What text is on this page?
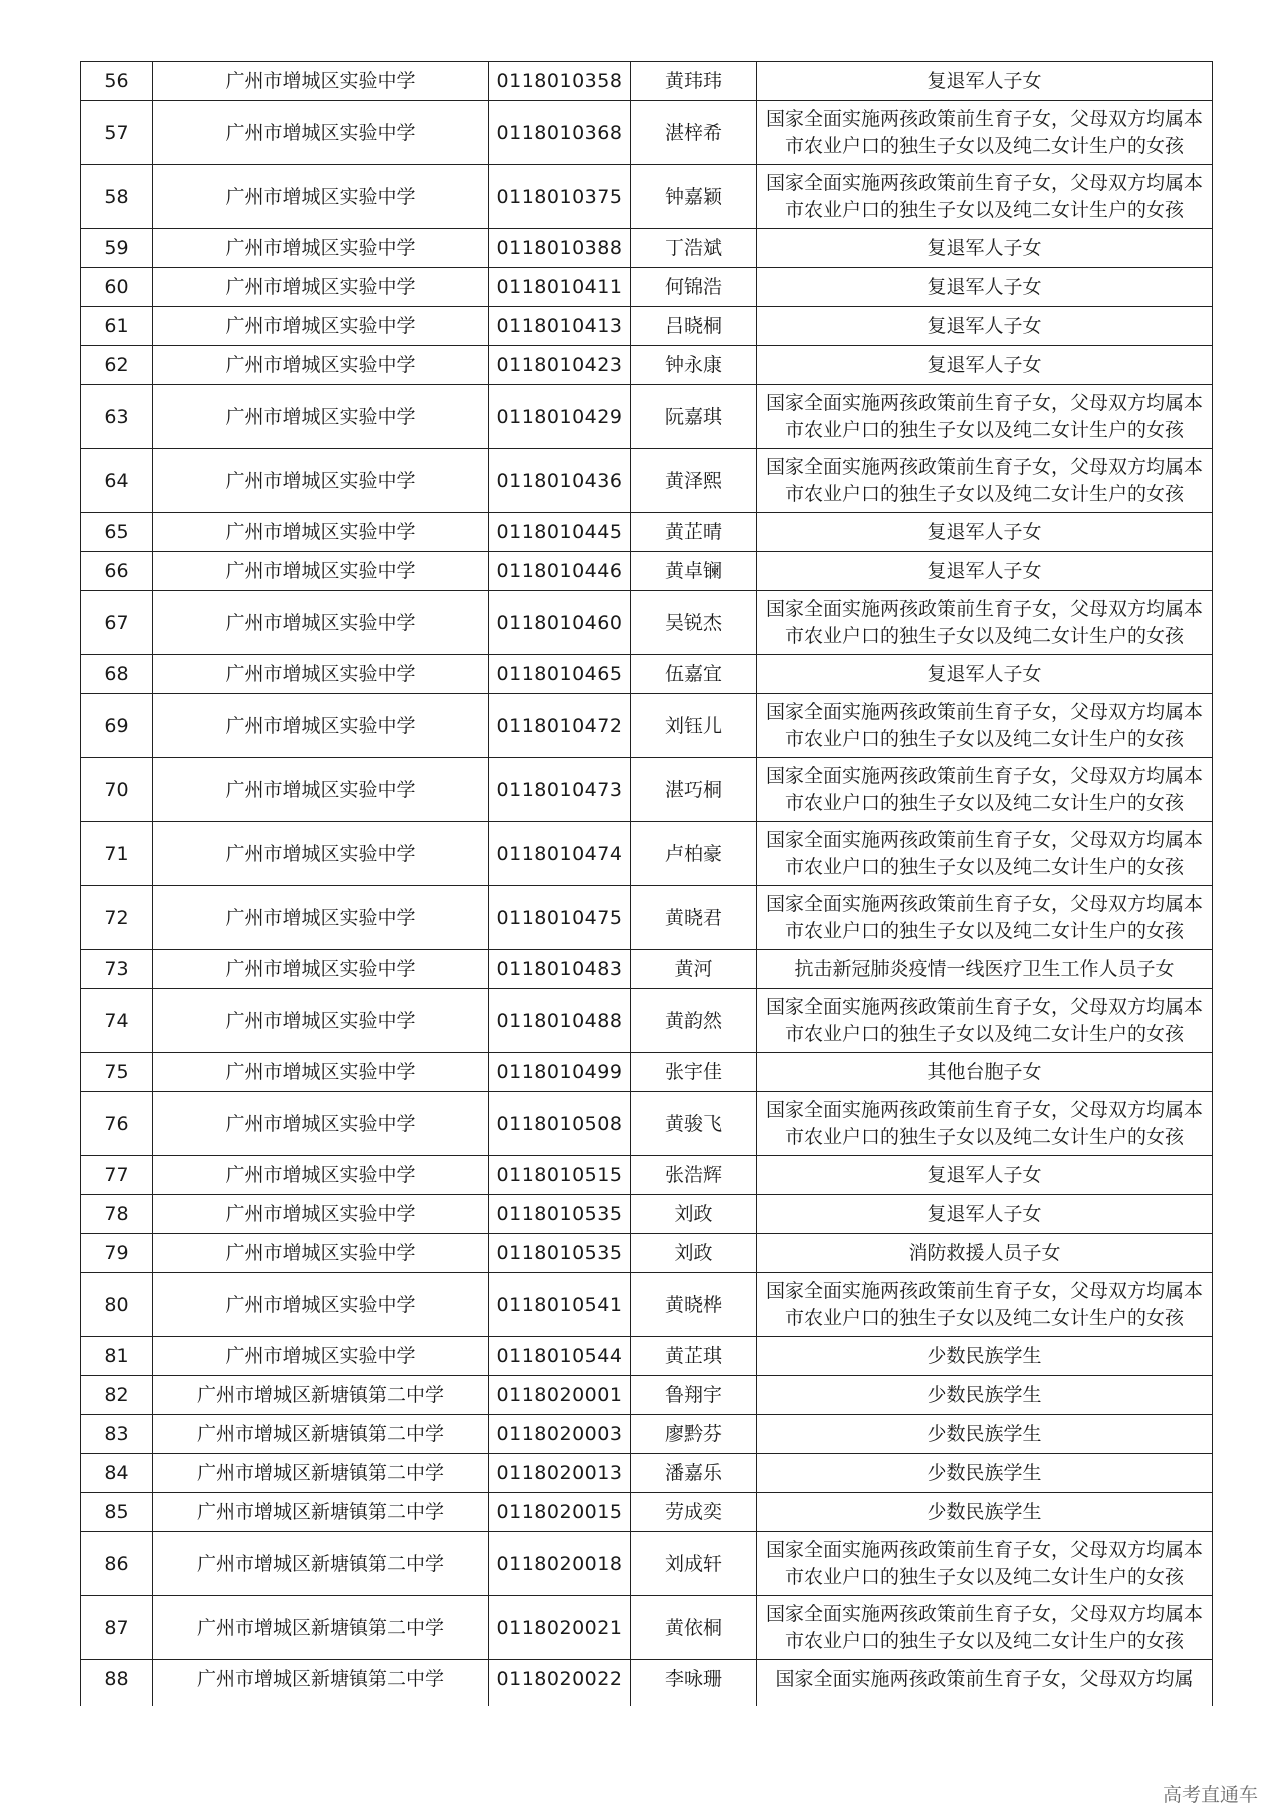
56	广州市增城区实验中学	0118010358	黄玮玮	复退军人子女
57	广州市增城区实验中学	0118010368	湛梓希	国家全面实施两孩政策前生育子女，父母双方均属本市农业户口的独生子女以及纯二女计生户的女孩
58	广州市增城区实验中学	0118010375	钟嘉颖	国家全面实施两孩政策前生育子女，父母双方均属本市农业户口的独生子女以及纯二女计生户的女孩
59	广州市增城区实验中学	0118010388	丁浩斌	复退军人子女
60	广州市增城区实验中学	0118010411	何锦浩	复退军人子女
61	广州市增城区实验中学	0118010413	吕晓桐	复退军人子女
62	广州市增城区实验中学	0118010423	钟永康	复退军人子女
63	广州市增城区实验中学	0118010429	阮嘉琪	国家全面实施两孩政策前生育子女，父母双方均属本市农业户口的独生子女以及纯二女计生户的女孩
64	广州市增城区实验中学	0118010436	黄泽熙	国家全面实施两孩政策前生育子女，父母双方均属本市农业户口的独生子女以及纯二女计生户的女孩
65	广州市增城区实验中学	0118010445	黄芷晴	复退军人子女
66	广州市增城区实验中学	0118010446	黄卓镧	复退军人子女
67	广州市增城区实验中学	0118010460	吴锐杰	国家全面实施两孩政策前生育子女，父母双方均属本市农业户口的独生子女以及纯二女计生户的女孩
68	广州市增城区实验中学	0118010465	伍嘉宜	复退军人子女
69	广州市增城区实验中学	0118010472	刘钰儿	国家全面实施两孩政策前生育子女，父母双方均属本市农业户口的独生子女以及纯二女计生户的女孩
70	广州市增城区实验中学	0118010473	湛巧桐	国家全面实施两孩政策前生育子女，父母双方均属本市农业户口的独生子女以及纯二女计生户的女孩
71	广州市增城区实验中学	0118010474	卢柏豪	国家全面实施两孩政策前生育子女，父母双方均属本市农业户口的独生子女以及纯二女计生户的女孩
72	广州市增城区实验中学	0118010475	黄晓君	国家全面实施两孩政策前生育子女，父母双方均属本市农业户口的独生子女以及纯二女计生户的女孩
73	广州市增城区实验中学	0118010483	黄河	抗击新冠肺炎疫情一线医疗卫生工作人员子女
74	广州市增城区实验中学	0118010488	黄韵然	国家全面实施两孩政策前生育子女，父母双方均属本市农业户口的独生子女以及纯二女计生户的女孩
75	广州市增城区实验中学	0118010499	张宇佳	其他台胞子女
76	广州市增城区实验中学	0118010508	黄骏飞	国家全面实施两孩政策前生育子女，父母双方均属本市农业户口的独生子女以及纯二女计生户的女孩
77	广州市增城区实验中学	0118010515	张浩辉	复退军人子女
78	广州市增城区实验中学	0118010535	刘政	复退军人子女
79	广州市增城区实验中学	0118010535	刘政	消防救援人员子女
80	广州市增城区实验中学	0118010541	黄晓桦	国家全面实施两孩政策前生育子女，父母双方均属本市农业户口的独生子女以及纯二女计生户的女孩
81	广州市增城区实验中学	0118010544	黄芷琪	少数民族学生
82	广州市增城区新塘镇第二中学	0118020001	鲁翔宇	少数民族学生
83	广州市增城区新塘镇第二中学	0118020003	廖黔芬	少数民族学生
84	广州市增城区新塘镇第二中学	0118020013	潘嘉乐	少数民族学生
85	广州市增城区新塘镇第二中学	0118020015	劳成奕	少数民族学生
86	广州市增城区新塘镇第二中学	0118020018	刘成轩	国家全面实施两孩政策前生育子女，父母双方均属本市农业户口的独生子女以及纯二女计生户的女孩
87	广州市增城区新塘镇第二中学	0118020021	黄依桐	国家全面实施两孩政策前生育子女，父母双方均属本市农业户口的独生子女以及纯二女计生户的女孩
88	广州市增城区新塘镇第二中学	0118020022	李咏珊	国家全面实施两孩政策前生育子女，父母双方均属
高考直通车
